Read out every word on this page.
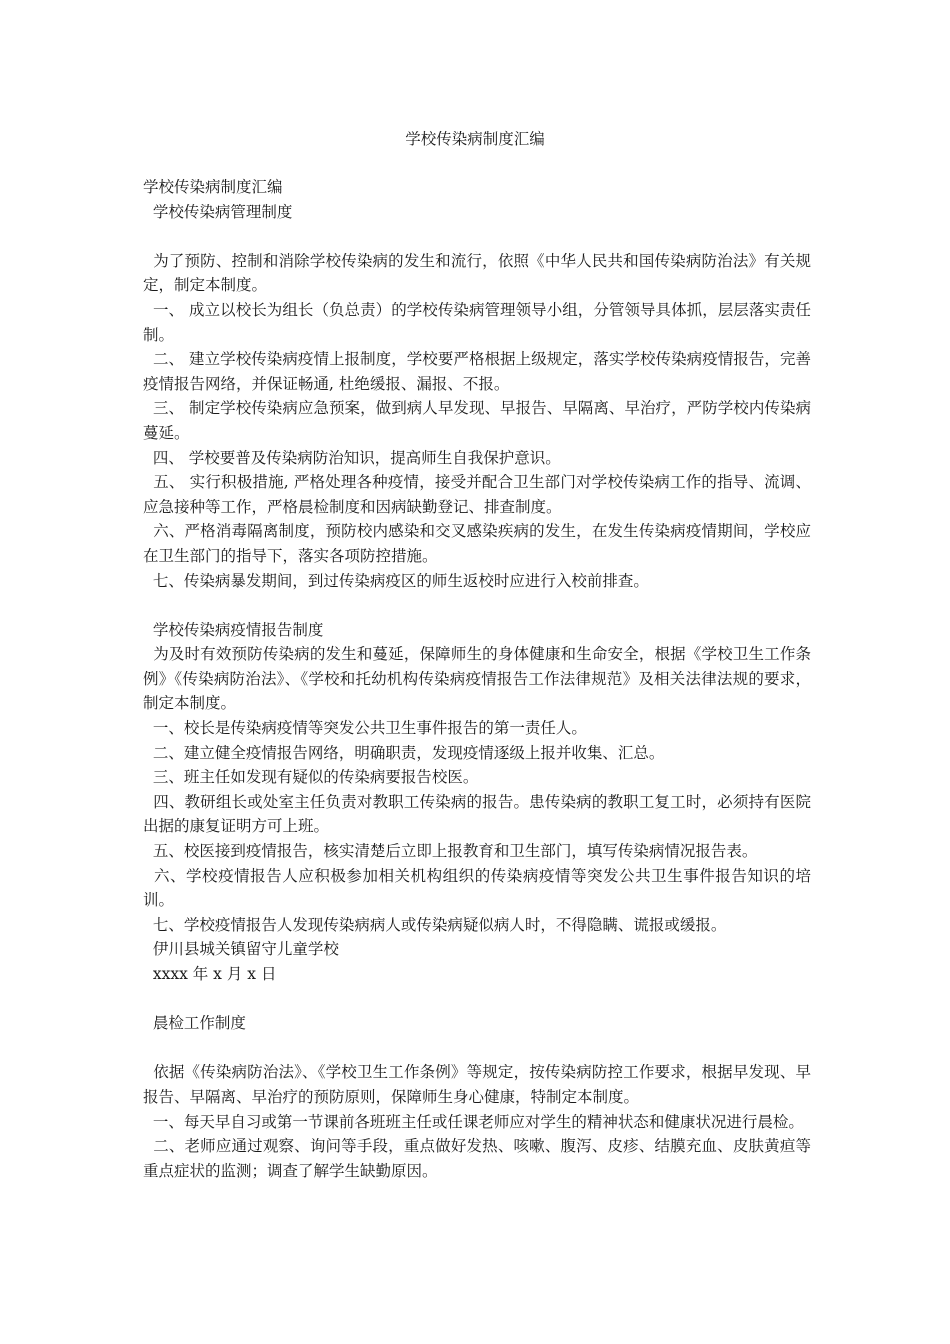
学校传染病制度汇编

学校传染病制度汇编

学校传染病管理制度

为了预防、控制和消除学校传染病的发生和流行，依照《中华人民共和国传染病防治法》有关规定，制定本制度。

一、 成立以校长为组长（负总责）的学校传染病管理领导小组，分管领导具体抓，层层落实责任制。

二、 建立学校传染病疫情上报制度，学校要严格根据上级规定，落实学校传染病疫情报告，完善疫情报告网络，并保证畅通, 杜绝缓报、漏报、不报。

三、 制定学校传染病应急预案，做到病人早发现、早报告、早隔离、早治疗，严防学校内传染病蔓延。

四、 学校要普及传染病防治知识，提高师生自我保护意识。

五、 实行积极措施, 严格处理各种疫情，接受并配合卫生部门对学校传染病工作的指导、流调、应急接种等工作，严格晨检制度和因病缺勤登记、排查制度。

六、严格消毒隔离制度，预防校内感染和交叉感染疾病的发生，在发生传染病疫情期间，学校应在卫生部门的指导下，落实各项防控措施。

七、传染病暴发期间，到过传染病疫区的师生返校时应进行入校前排查。

学校传染病疫情报告制度

为及时有效预防传染病的发生和蔓延，保障师生的身体健康和生命安全，根据《学校卫生工作条例》《传染病防治法》、《学校和托幼机构传染病疫情报告工作法律规范》及相关法律法规的要求，制定本制度。

一、校长是传染病疫情等突发公共卫生事件报告的第一责任人。

二、建立健全疫情报告网络，明确职责，发现疫情逐级上报并收集、汇总。

三、班主任如发现有疑似的传染病要报告校医。

四、教研组长或处室主任负责对教职工传染病的报告。患传染病的教职工复工时，必须持有医院出据的康复证明方可上班。

五、校医接到疫情报告，核实清楚后立即上报教育和卫生部门，填写传染病情况报告表。

六、学校疫情报告人应积极参加相关机构组织的传染病疫情等突发公共卫生事件报告知识的培训。

七、学校疫情报告人发现传染病病人或传染病疑似病人时，不得隐瞒、谎报或缓报。

伊川县城关镇留守儿童学校

xxxx 年 x 月 x 日

晨检工作制度

依据《传染病防治法》、《学校卫生工作条例》等规定，按传染病防控工作要求，根据早发现、早报告、早隔离、早治疗的预防原则，保障师生身心健康，特制定本制度。

一、每天早自习或第一节课前各班班主任或任课老师应对学生的精神状态和健康状况进行晨检。

二、老师应通过观察、询问等手段，重点做好发热、咳嗽、腹泻、皮疹、结膜充血、皮肤黄疸等重点症状的监测；调查了解学生缺勤原因。
